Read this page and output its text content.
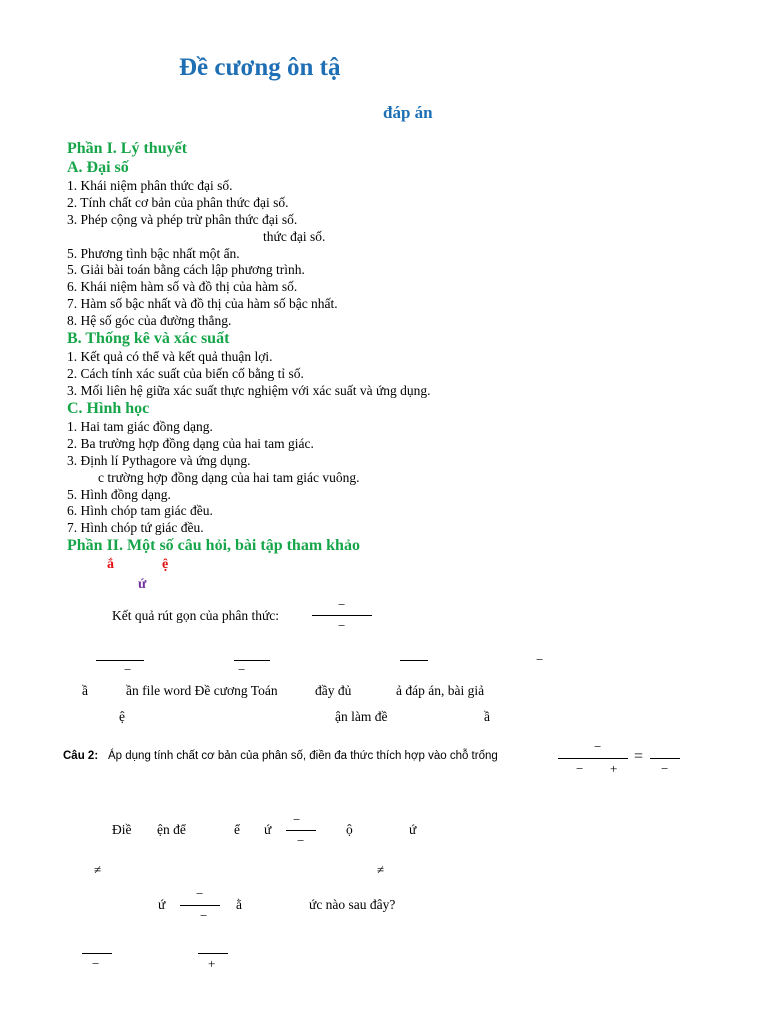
Đề cương ôn tậ
đáp án
Phần I. Lý thuyết
A. Đại số
1. Khái niệm phân thức đại số.
2. Tính chất cơ bản của phân thức đại số.
3. Phép cộng và phép trừ phân thức đại số.
thức đại số.
5. Phương tình bậc nhất một ẩn.
5. Giải bài toán bằng cách lập phương trình.
6. Khái niệm hàm số và đồ thị của hàm số.
7. Hàm số bậc nhất và đồ thị của hàm số bậc nhất.
8. Hệ số góc của đường thẳng.
B. Thống kê và xác suất
1. Kết quả có thể và kết quả thuận lợi.
2. Cách tính xác suất của biến cố bằng tỉ số.
3. Mối liên hệ giữa xác suất thực nghiệm với xác suất và ứng dụng.
C. Hình học
1. Hai tam giác đồng dạng.
2. Ba trường hợp đồng dạng của hai tam giác.
3. Định lí Pythagore và ứng dụng.
c trường hợp đồng dạng của hai tam giác vuông.
5. Hình đồng dạng.
6. Hình chóp tam giác đều.
7. Hình chóp tứ giác đều.
Phần II. Một số câu hỏi, bài tập tham khảo
ắ	ệ
ứ
Kết quả rút gọn của phân thức:
−
−
−	−
−
ầ	ần file word Đề cương Toán	đầy đủ	ả đáp án, bài giả
ệ	ận làm đề	ầ
Câu 2: Áp dụng tính chất cơ bản của phân số, điền đa thức thích hợp vào chỗ trống
−
− +
=
−
Điề ện để	ể ứ
−
−
ộ	ứ
≠	≠
ứ
−
−
ằ	ức nào sau đây?
−	+
